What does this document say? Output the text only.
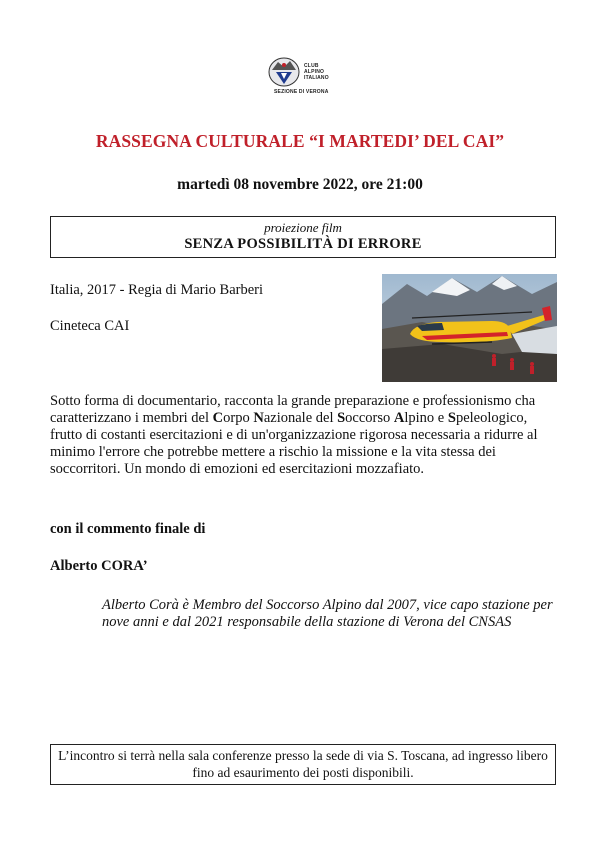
CLUB
ALPINO
ITALIANO
SEZIONE DI VERONA
RASSEGNA CULTURALE “I MARTEDI’ DEL CAI”
martedì 08 novembre 2022, ore 21:00
proiezione film
SENZA POSSIBILITÀ DI ERRORE
Italia, 2017 - Regia di Mario Barberi
Cineteca CAI
Sotto forma di documentario, racconta la grande preparazione e professionismo cha caratterizzano i membri del Corpo Nazionale del Soccorso Alpino e Speleologico, frutto di costanti esercitazioni e di un'organizzazione rigorosa necessaria a ridurre al minimo l'errore che potrebbe mettere a rischio la missione e la vita stessa dei soccorritori. Un mondo di emozioni ed esercitazioni mozzafiato.
con il commento finale di
Alberto CORA’
Alberto Corà è Membro del Soccorso Alpino dal 2007, vice capo stazione per nove anni e dal 2021 responsabile della stazione di Verona del CNSAS
L’incontro si terrà nella sala conferenze presso la sede di via S. Toscana, ad ingresso libero fino ad esaurimento dei posti disponibili.
